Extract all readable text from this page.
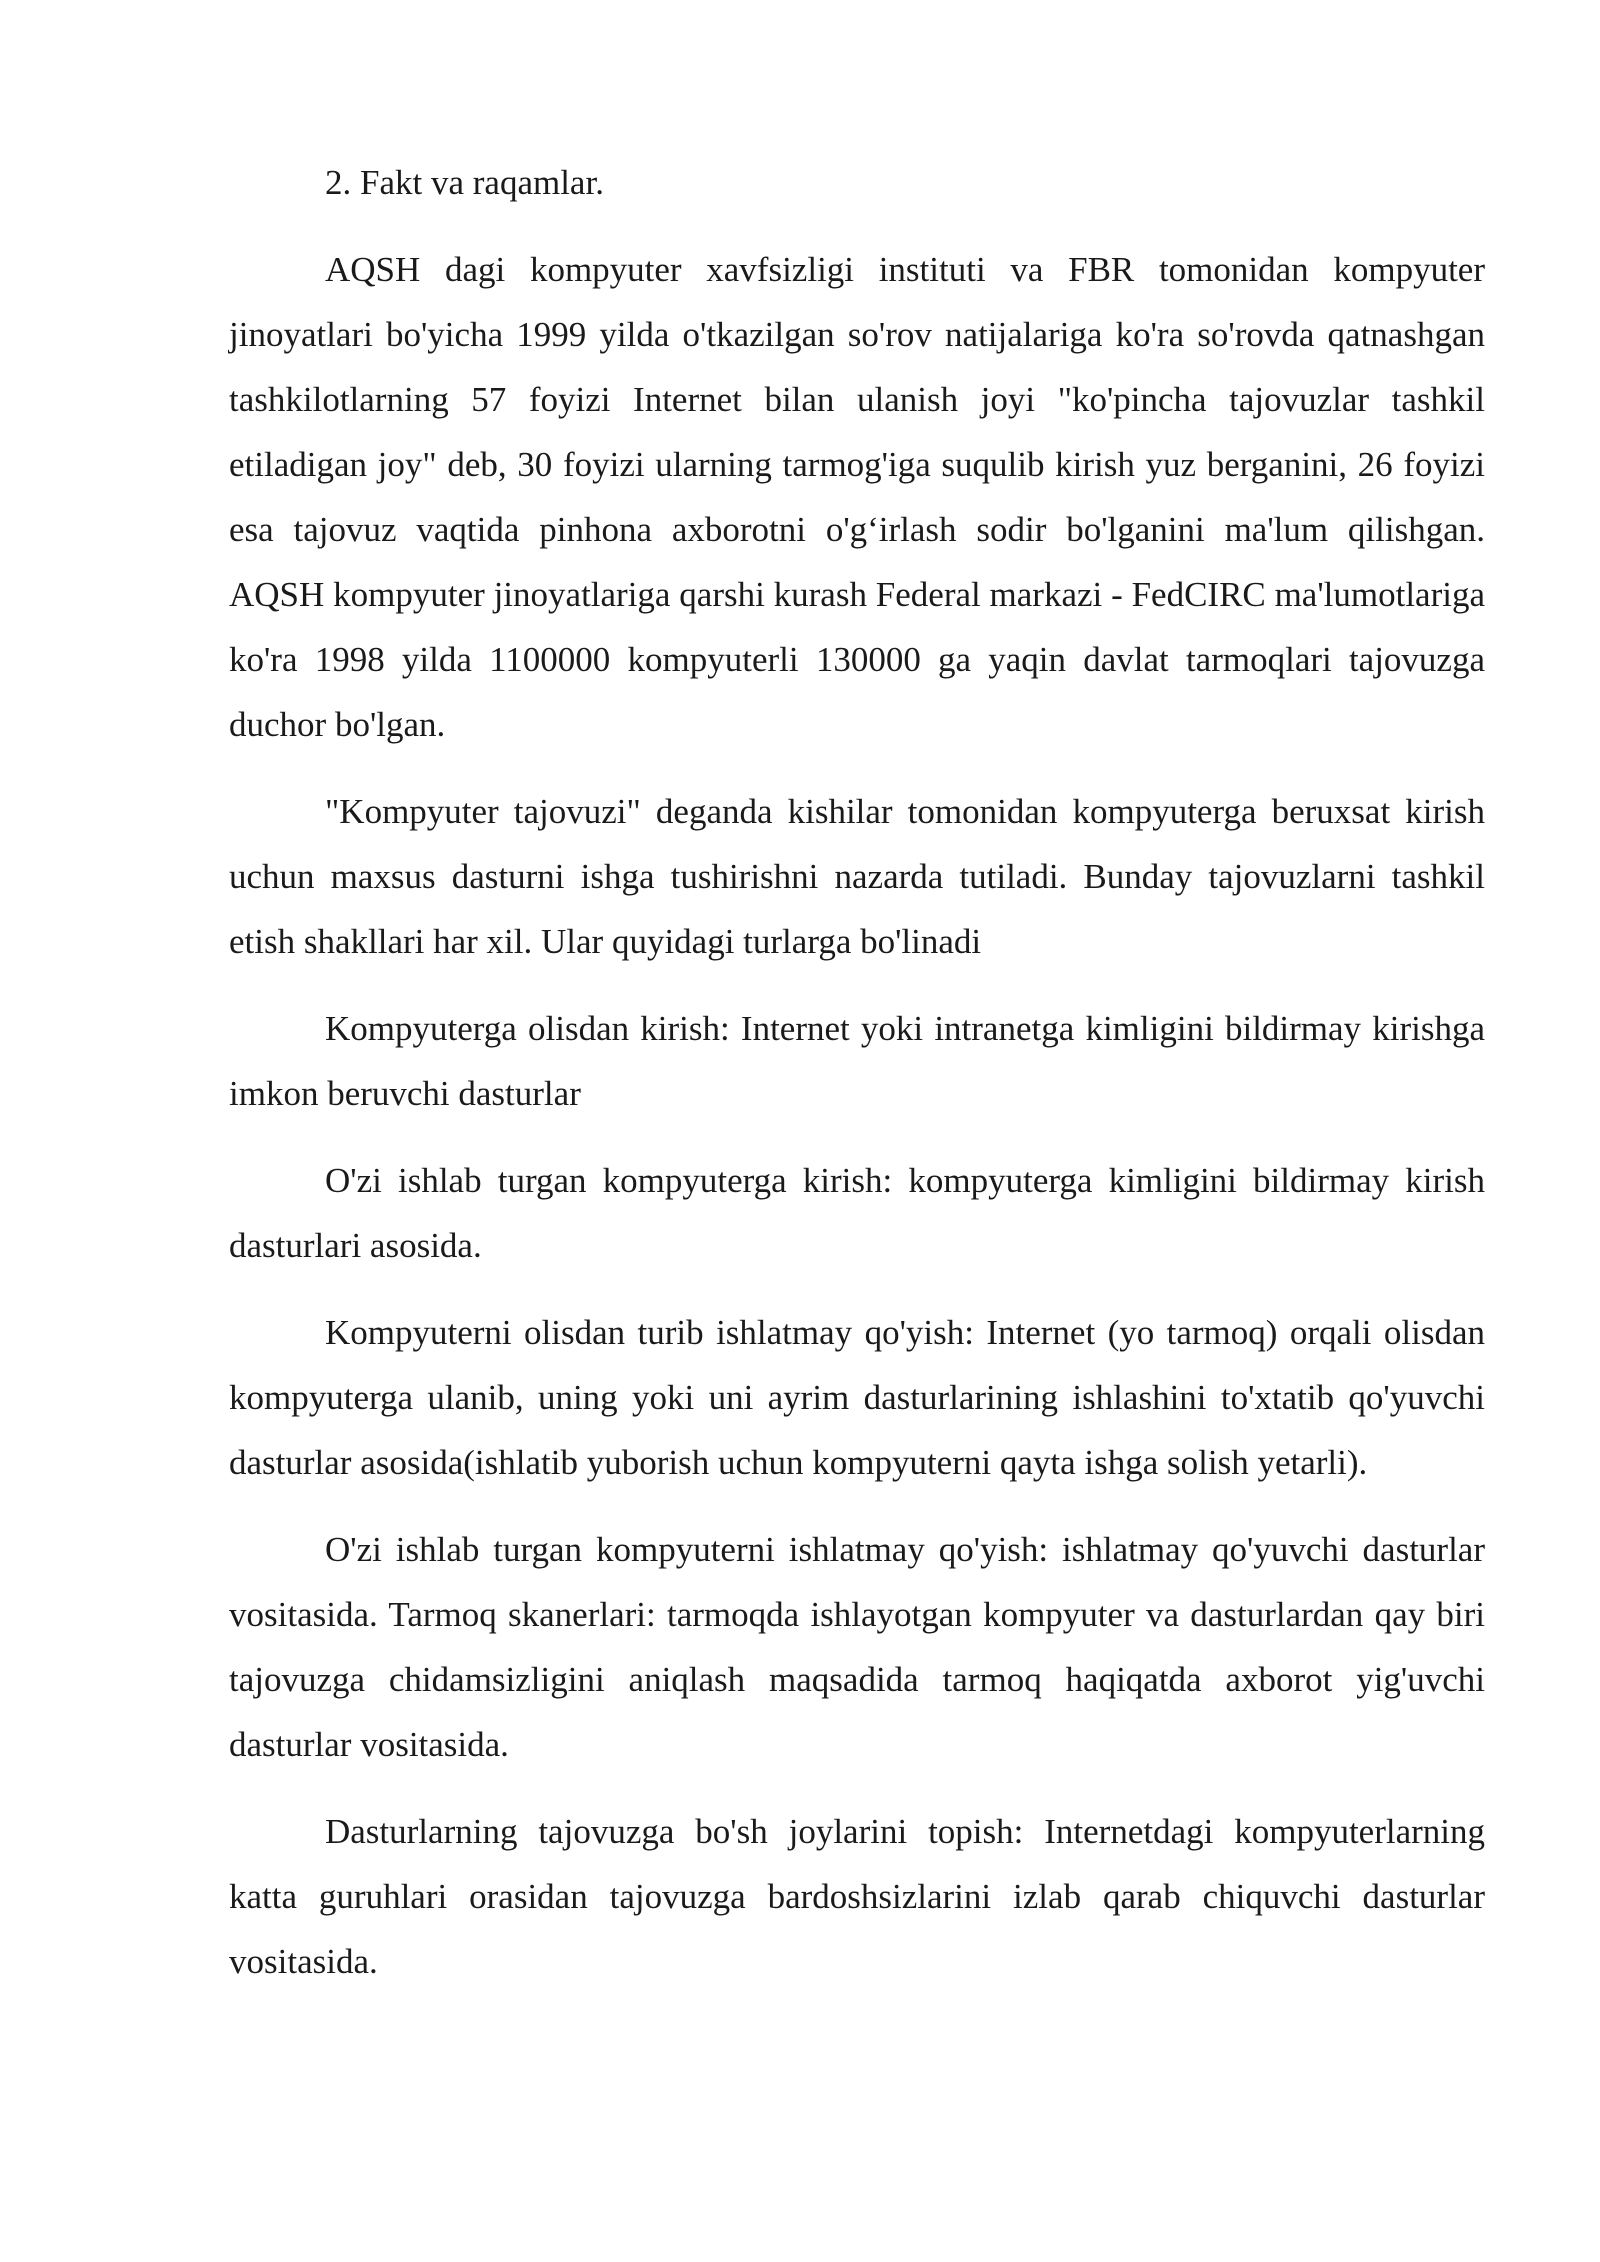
2. Fakt va raqamlar.

AQSH dagi kompyuter xavfsizligi instituti va FBR tomonidan kompyuter jinoyatlari bo'yicha 1999 yilda o'tkazilgan so'rov natijalariga ko'ra so'rovda qatnashgan tashkilotlarning 57 foyizi Internet bilan ulanish joyi "ko'pincha tajovuzlar tashkil etiladigan joy" deb, 30 foyizi ularning tarmog'iga suqulib kirish yuz berganini, 26 foyizi esa tajovuz vaqtida pinhona axborotni o'g‘irlash sodir bo'lganini ma'lum qilishgan. AQSH kompyuter jinoyatlariga qarshi kurash Federal markazi - FedCIRC ma'lumotlariga ko'ra 1998 yilda 1100000 kompyuterli 130000 ga yaqin davlat tarmoqlari tajovuzga duchor bo'lgan.

"Kompyuter tajovuzi" deganda kishilar tomonidan kompyuterga beruxsat kirish uchun maxsus dasturni ishga tushirishni nazarda tutiladi. Bunday tajovuzlarni tashkil etish shakllari har xil. Ular quyidagi turlarga bo'linadi

Kompyuterga olisdan kirish: Internet yoki intranetga kimligini bildirmay kirishga imkon beruvchi dasturlar

O'zi ishlab turgan kompyuterga kirish: kompyuterga kimligini bildirmay kirish dasturlari asosida.

Kompyuterni olisdan turib ishlatmay qo'yish: Internet (yo tarmoq) orqali olisdan kompyuterga ulanib, uning yoki uni ayrim dasturlarining ishlashini to'xtatib qo'yuvchi dasturlar asosida(ishlatib yuborish uchun kompyuterni qayta ishga solish yetarli).

O'zi ishlab turgan kompyuterni ishlatmay qo'yish: ishlatmay qo'yuvchi dasturlar vositasida. Tarmoq skanerlari: tarmoqda ishlayotgan kompyuter va dasturlardan qay biri tajovuzga chidamsizligini aniqlash maqsadida tarmoq haqiqatda axborot yig'uvchi dasturlar vositasida.

Dasturlarning tajovuzga bo'sh joylarini topish: Internetdagi kompyuterlarning katta guruhlari orasidan tajovuzga bardoshsizlarini izlab qarab chiquvchi dasturlar vositasida.
